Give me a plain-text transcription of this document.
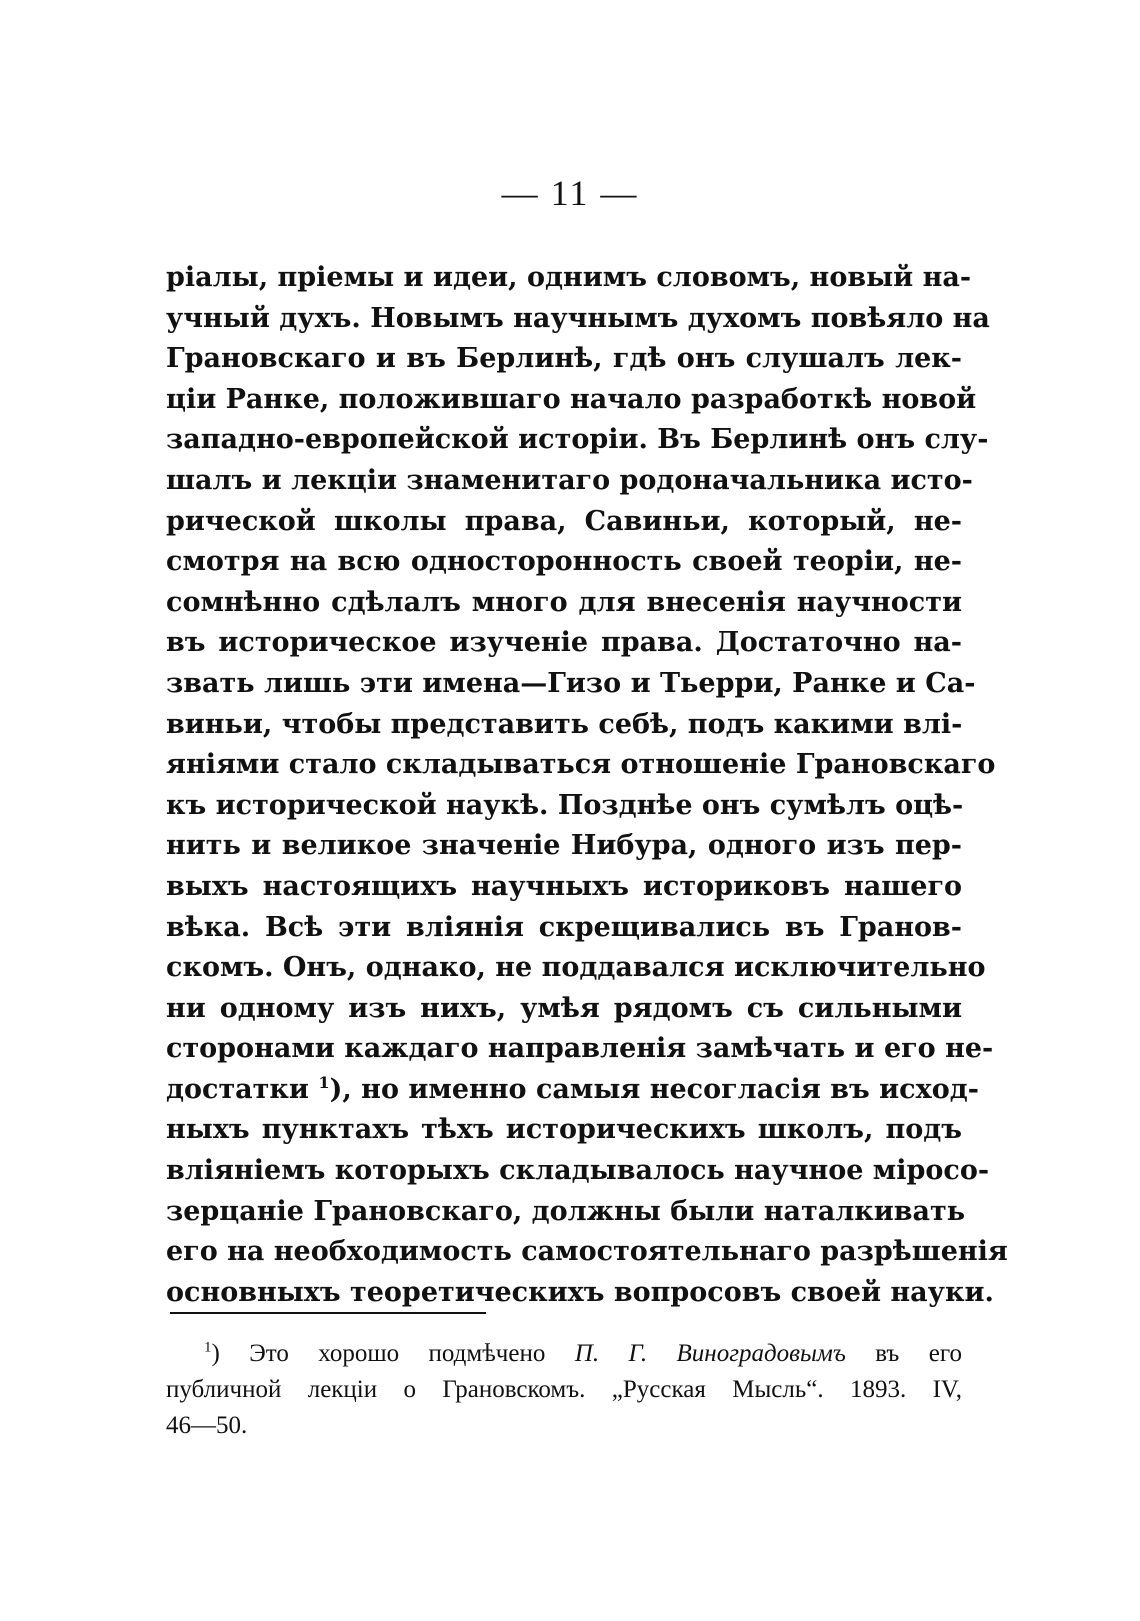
— 11 —
ріалы, пріемы и идеи, однимъ словомъ, новый на-
учный духъ. Новымъ научнымъ духомъ повѣяло на
Грановскаго и въ Берлинѣ, гдѣ онъ слушалъ лек-
ціи Ранке, положившаго начало разработкѣ новой
западно-европейской исторіи. Въ Берлинѣ онъ слу-
шалъ и лекціи знаменитаго родоначальника исто-
рической школы права, Савиньи, который, не-
смотря на всю односторонность своей теоріи, не-
сомнѣнно сдѣлалъ много для внесенія научности
въ историческое изученіе права. Достаточно на-
звать лишь эти имена—Гизо и Тьерри, Ранке и Са-
виньи, чтобы представить себѣ, подъ какими влі-
яніями стало складываться отношеніе Грановскаго
къ исторической наукѣ. Позднѣе онъ сумѣлъ оцѣ-
нить и великое значеніе Нибура, одного изъ пер-
выхъ настоящихъ научныхъ историковъ нашего
вѣка. Всѣ эти вліянія скрещивались въ Гранов-
скомъ. Онъ, однако, не поддавался исключительно
ни одному изъ нихъ, умѣя рядомъ съ сильными
сторонами каждаго направленія замѣчать и его не-
достатки $^1$), но именно самыя несогласія въ исход-
ныхъ пунктахъ тѣхъ историческихъ школъ, подъ
вліяніемъ которыхъ складывалось научное міросо-
зерцаніе Грановскаго, должны были наталкивать
его на необходимость самостоятельнаго разрѣшенія
основныхъ теоретическихъ вопросовъ своей науки.
$^1$) Это хорошо подмѣчено П. Г. Виноградовымъ въ его
публичной лекціи о Грановскомъ. „Русская Мысль“. 1893. IV,
46—50.
